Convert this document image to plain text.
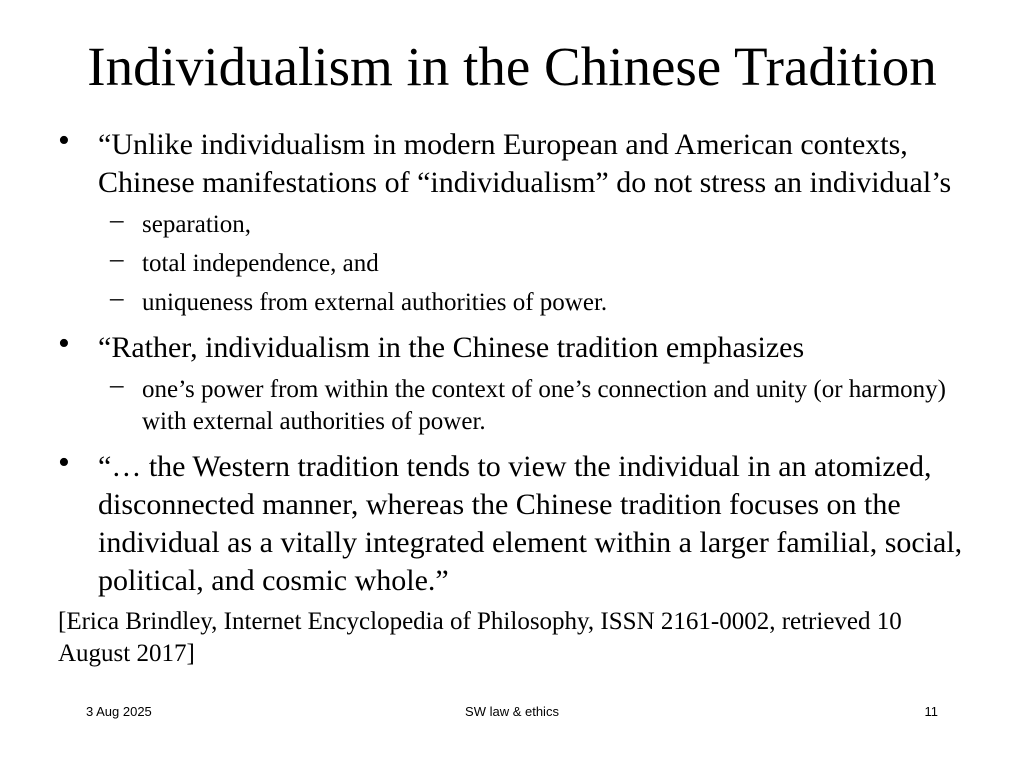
Individualism in the Chinese Tradition
• “Unlike individualism in modern European and American contexts, Chinese manifestations of “individualism” do not stress an individual’s
– separation,
– total independence, and
– uniqueness from external authorities of power.
• “Rather, individualism in the Chinese tradition emphasizes
– one’s power from within the context of one’s connection and unity (or harmony) with external authorities of power.
• “… the Western tradition tends to view the individual in an atomized, disconnected manner, whereas the Chinese tradition focuses on the individual as a vitally integrated element within a larger familial, social, political, and cosmic whole.”
[Erica Brindley, Internet Encyclopedia of Philosophy, ISSN 2161-0002, retrieved 10 August 2017]
3 Aug 2025	SW law & ethics	11
